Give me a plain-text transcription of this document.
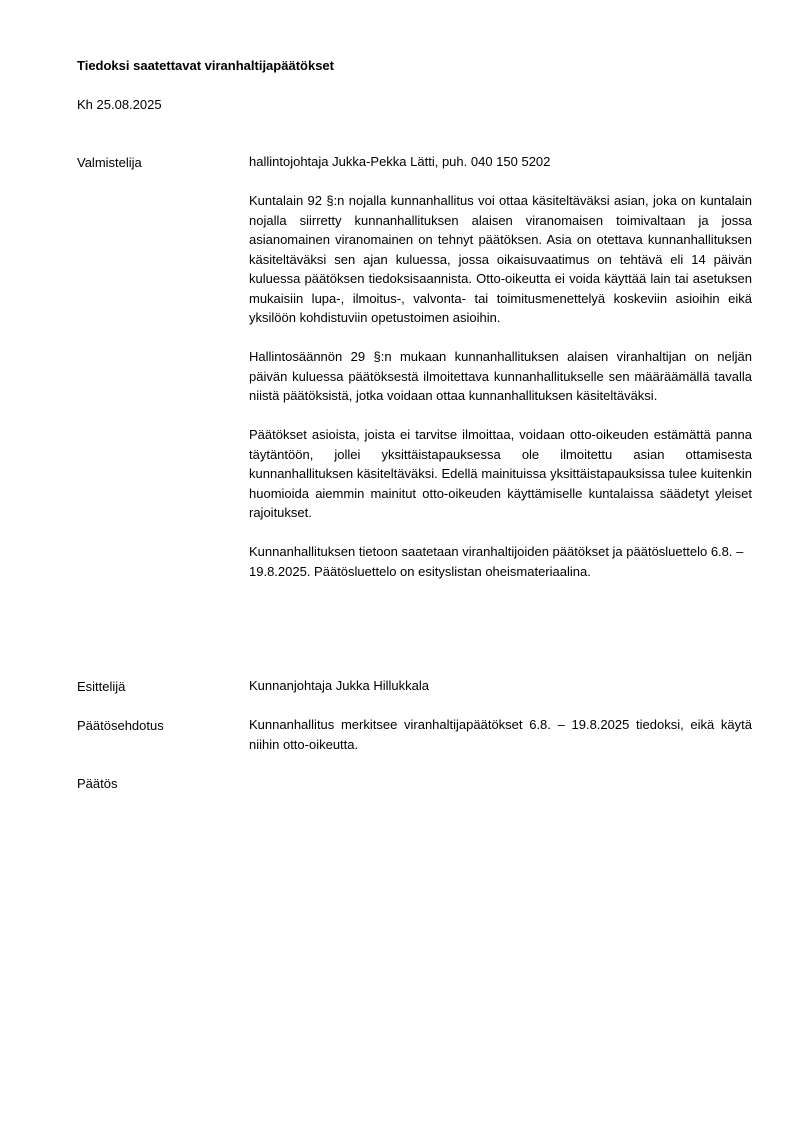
Tiedoksi saatettavat viranhaltijapäätökset
Kh 25.08.2025
Valmistelija	hallintojohtaja Jukka-Pekka Lätti, puh. 040 150 5202

Kuntalain 92 §:n nojalla kunnanhallitus voi ottaa käsiteltäväksi asian, joka on kuntalain nojalla siirretty kunnanhallituksen alaisen viranomaisen toimivaltaan ja jossa asianomainen viranomainen on tehnyt päätöksen. Asia on otettava kunnanhallituksen käsiteltäväksi sen ajan kuluessa, jossa oikaisuvaatimus on tehtävä eli 14 päivän kuluessa päätöksen tiedoksisaannista. Otto-oikeutta ei voida käyttää lain tai asetuksen mukaisiin lupa-, ilmoitus-, valvonta- tai toimitusmenettelyä koskeviin asioihin eikä yksilöön kohdistuviin opetustoimen asioihin.

Hallintosäännön 29 §:n mukaan kunnanhallituksen alaisen viranhaltijan on neljän päivän kuluessa päätöksestä ilmoitettava kunnanhallitukselle sen määräämällä tavalla niistä päätöksistä, jotka voidaan ottaa kunnanhallituksen käsiteltäväksi.

Päätökset asioista, joista ei tarvitse ilmoittaa, voidaan otto-oikeuden estämättä panna täytäntöön, jollei yksittäistapauksessa ole ilmoitettu asian ottamisesta kunnanhallituksen käsiteltäväksi. Edellä mainituissa yksittäistapauksissa tulee kuitenkin huomioida aiemmin mainitut otto-oikeuden käyttämiselle kuntalaissa säädetyt yleiset rajoitukset.

Kunnanhallituksen tietoon saatetaan viranhaltijoiden päätökset ja päätösluettelo 6.8. – 19.8.2025. Päätösluettelo on esityslistan oheismateriaalina.

Esittelijä	Kunnanjohtaja Jukka Hillukkala
Päätösehdotus	Kunnanhallitus merkitsee viranhaltijapäätökset 6.8. – 19.8.2025 tiedoksi, eikä käytä niihin otto-oikeutta.
Päätös
